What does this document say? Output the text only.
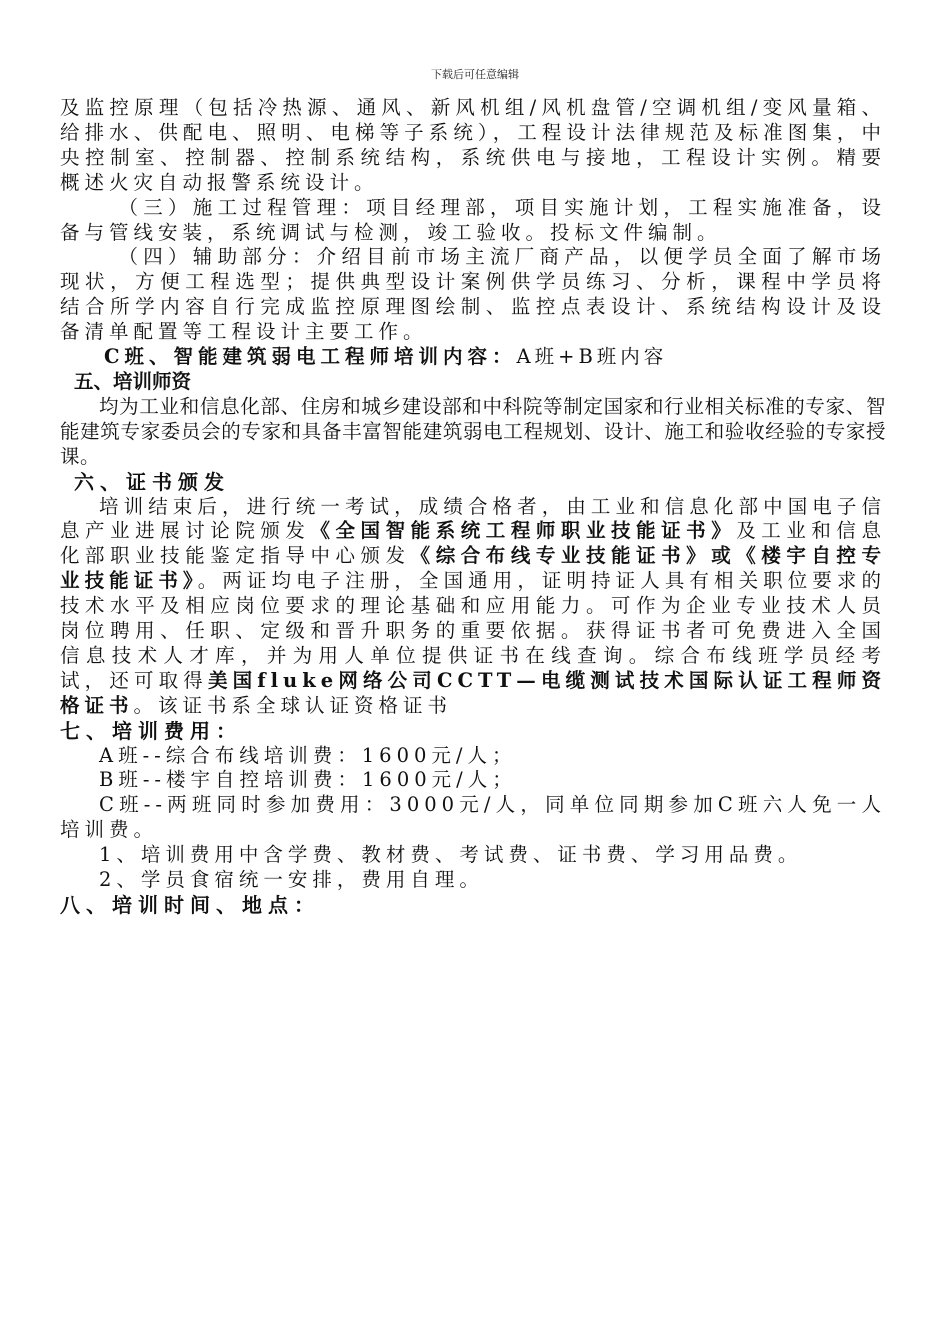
下载后可任意编辑

及监控原理（包括冷热源、通风、新风机组/风机盘管/空调机组/变风量箱、给排水、供配电、照明、电梯等子系统），工程设计法律规范及标准图集，中央控制室、控制器、控制系统结构，系统供电与接地，工程设计实例。精要概述火灾自动报警系统设计。

（三）施工过程管理：项目经理部，项目实施计划，工程实施准备，设备与管线安装，系统调试与检测，竣工验收。投标文件编制。

（四）辅助部分：介绍目前市场主流厂商产品，以便学员全面了解市场现状，方便工程选型；提供典型设计案例供学员练习、分析，课程中学员将结合所学内容自行完成监控原理图绘制、监控点表设计、系统结构设计及设备清单配置等工程设计主要工作。

C班、智能建筑弱电工程师培训内容：A班+B班内容

五、培训师资

均为工业和信息化部、住房和城乡建设部和中科院等制定国家和行业相关标准的专家、智能建筑专家委员会的专家和具备丰富智能建筑弱电工程规划、设计、施工和验收经验的专家授课。

六、证书颁发

培训结束后，进行统一考试，成绩合格者，由工业和信息化部中国电子信息产业进展讨论院颁发《全国智能系统工程师职业技能证书》及工业和信息化部职业技能鉴定指导中心颁发《综合布线专业技能证书》或《楼宇自控专业技能证书》。两证均电子注册，全国通用，证明持证人具有相关职位要求的技术水平及相应岗位要求的理论基础和应用能力。可作为企业专业技术人员岗位聘用、任职、定级和晋升职务的重要依据。获得证书者可免费进入全国信息技术人才库，并为用人单位提供证书在线查询。综合布线班学员经考试，还可取得美国fluke网络公司CCTT—电缆测试技术国际认证工程师资格证书。该证书系全球认证资格证书

七、培训费用：

A班--综合布线培训费：1600元/人；

B班--楼宇自控培训费：1600元/人；

C班--两班同时参加费用：3000元/人，同单位同期参加C班六人免一人培训费。

1、培训费用中含学费、教材费、考试费、证书费、学习用品费。

2、学员食宿统一安排，费用自理。

八、培训时间、地点：
